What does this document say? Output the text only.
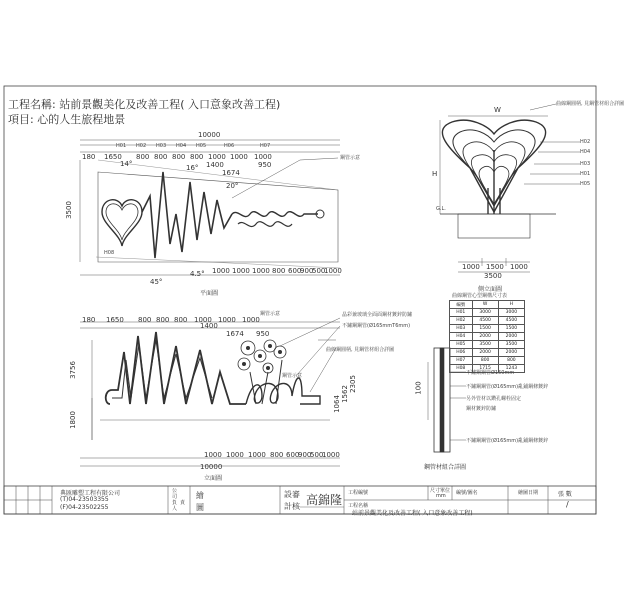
工程名稱: 站前景觀美化及改善工程( 入口意象改善工程)
項目: 心的人生旅程地景
10000
3500
180 1650 800 800 800 800 1000 1000 1000
1400
1674
950
14°	16°
20°
4.5°
45°
H01 H02 H03 H04 H05	H06	H07
H08
鋼管示意
1000 1000 1000 800 600
900
500
1000
平面圖
180 1650 800 800 800 1000 1000 1000
1400
1674 950
3756
1800
1000 1000 1000 800 600
900
500
1000
10000
立面圖
1064
1562
2305
鋼管示意
鋼管示意
晶彩兼玻璃全面面鋼材鍍鋅防鏽
不鏽鋼鋼管(Ø165mmT6mm)
曲線鋼圓柄, 見鋼管材組合詳圖
W
H
G.L.
曲線鋼圓柄, 見鋼管材組合詳圖
H02
H04
H03
H01
H05
1000 1500 1000
3500
側立面圖
曲線鋼管心型鋼構尺寸表
編號	W	H
H01	3000	3000
H02	4500	4500
H03	1500	1500
H04	2000	2000
H05	3500	3500
H06	2000	2000
H07	800	800
H08	1715	1243
100
不鏽鋼鋼管Ø150mm
不鏽鋼鋼管(Ø165mm)亂鋪鋼條鍍鋅
另外管材以鑽孔螺栓固定
鋼材鍍鋅防鏽
不鏽鋼鋼管(Ø165mm)亂鋪鋼條鍍鋅
鋼管材組合詳圖
典匯雕塑工程有限公司
(T)04-23503355
(F)04-23502255
公
司
負 責
人
繪
圖
設審
計核 高錦隆 工程編號
工程名稱
站前景觀美化及改善工程( 入口意象改善工程)
尺寸單位
mm 編號/圖名	繪圖日期	張 數
/
